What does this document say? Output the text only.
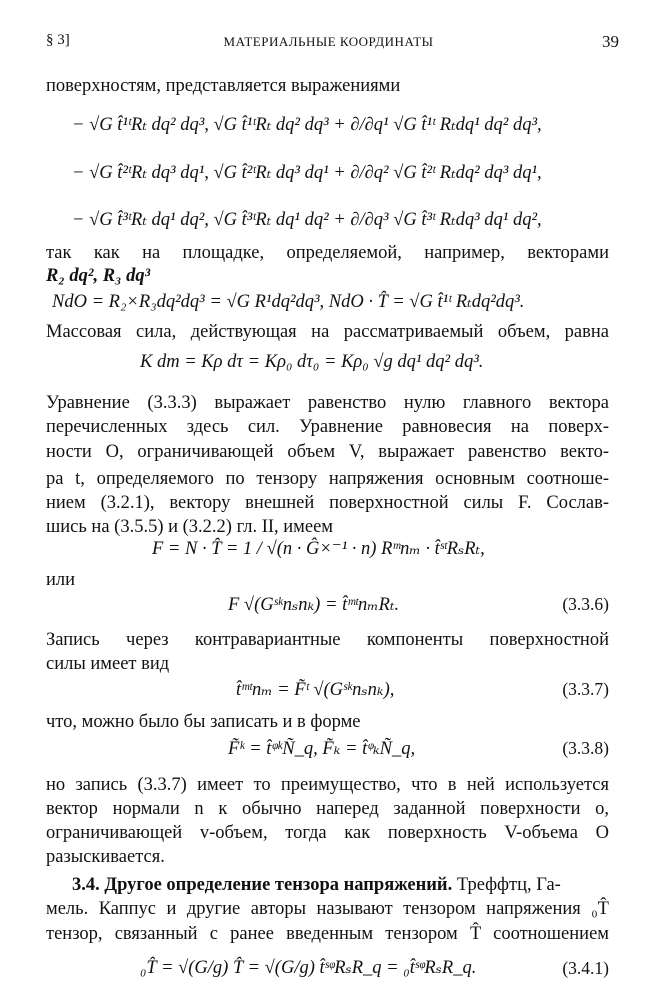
§ 3]	МАТЕРИАЛЬНЫЕ КООРДИНАТЫ	39
поверхностям, представляется выражениями
− √G t̂¹ᵗRₜ dq² dq³, √G t̂¹ᵗRₜ dq² dq³ + ∂/∂q¹ √G t̂¹ᵗ Rₜdq¹ dq² dq³,
− √G t̂²ᵗRₜ dq³ dq¹, √G t̂²ᵗRₜ dq³ dq¹ + ∂/∂q² √G t̂²ᵗ Rₜdq² dq³ dq¹,
− √G t̂³ᵗRₜ dq¹ dq², √G t̂³ᵗRₜ dq¹ dq² + ∂/∂q³ √G t̂³ᵗ Rₜdq³ dq¹ dq²,
так как на площадке, определяемой, например, векторами
R₂ dq², R₃ dq³
NdO = R₂×R₃dq²dq³ = √G R¹dq²dq³, NdO · T̂ = √G t̂¹ᵗ Rₜdq²dq³.
Массовая сила, действующая на рассматриваемый объем, равна
K dm = Kρ dτ = Kρ₀ dτ₀ = Kρ₀ √g dq¹ dq² dq³.
Уравнение (3.3.3) выражает равенство нулю главного вектора
перечисленных здесь сил. Уравнение равновесия на поверх-
ности O, ограничивающей объем V, выражает равенство векто-
ра t, определяемого по тензору напряжения основным соотноше-
нием (3.2.1), вектору внешней поверхностной силы F. Сослав-
шись на (3.5.5) и (3.2.2) гл. II, имеем
F = N · T̂ = 1 / √(n · Ĝ×⁻¹ · n) Rᵐnₘ · t̂ˢᵗRₛRₜ,
или
F √(Gˢᵏnₛnₖ) = t̂ᵐᵗnₘRₜ.	(3.3.6)
Запись через контравариантные компоненты поверхностной
силы имеет вид
t̂ᵐᵗnₘ = F̃ᵗ √(Gˢᵏnₛnₖ),	(3.3.7)
что, можно было бы записать и в форме
F̃ᵏ = t̂ᵠᵏÑ_q, F̃ₖ = t̂ᵠₖÑ_q,	(3.3.8)
но запись (3.3.7) имеет то преимущество, что в ней используется
вектор нормали n к обычно наперед заданной поверхности o,
ограничивающей v-объем, тогда как поверхность V-объема O
разыскивается.
3.4. Другое определение тензора напряжений. Треффтц, Га-
мель. Каппус и другие авторы называют тензором напряжения ₀T̂
тензор, связанный с ранее введенным тензором T̂ соотношением
₀T̂ = √(G/g) T̂ = √(G/g) t̂ˢᵠRₛR_q = ₀t̂ˢᵠRₛR_q.	(3.4.1)
